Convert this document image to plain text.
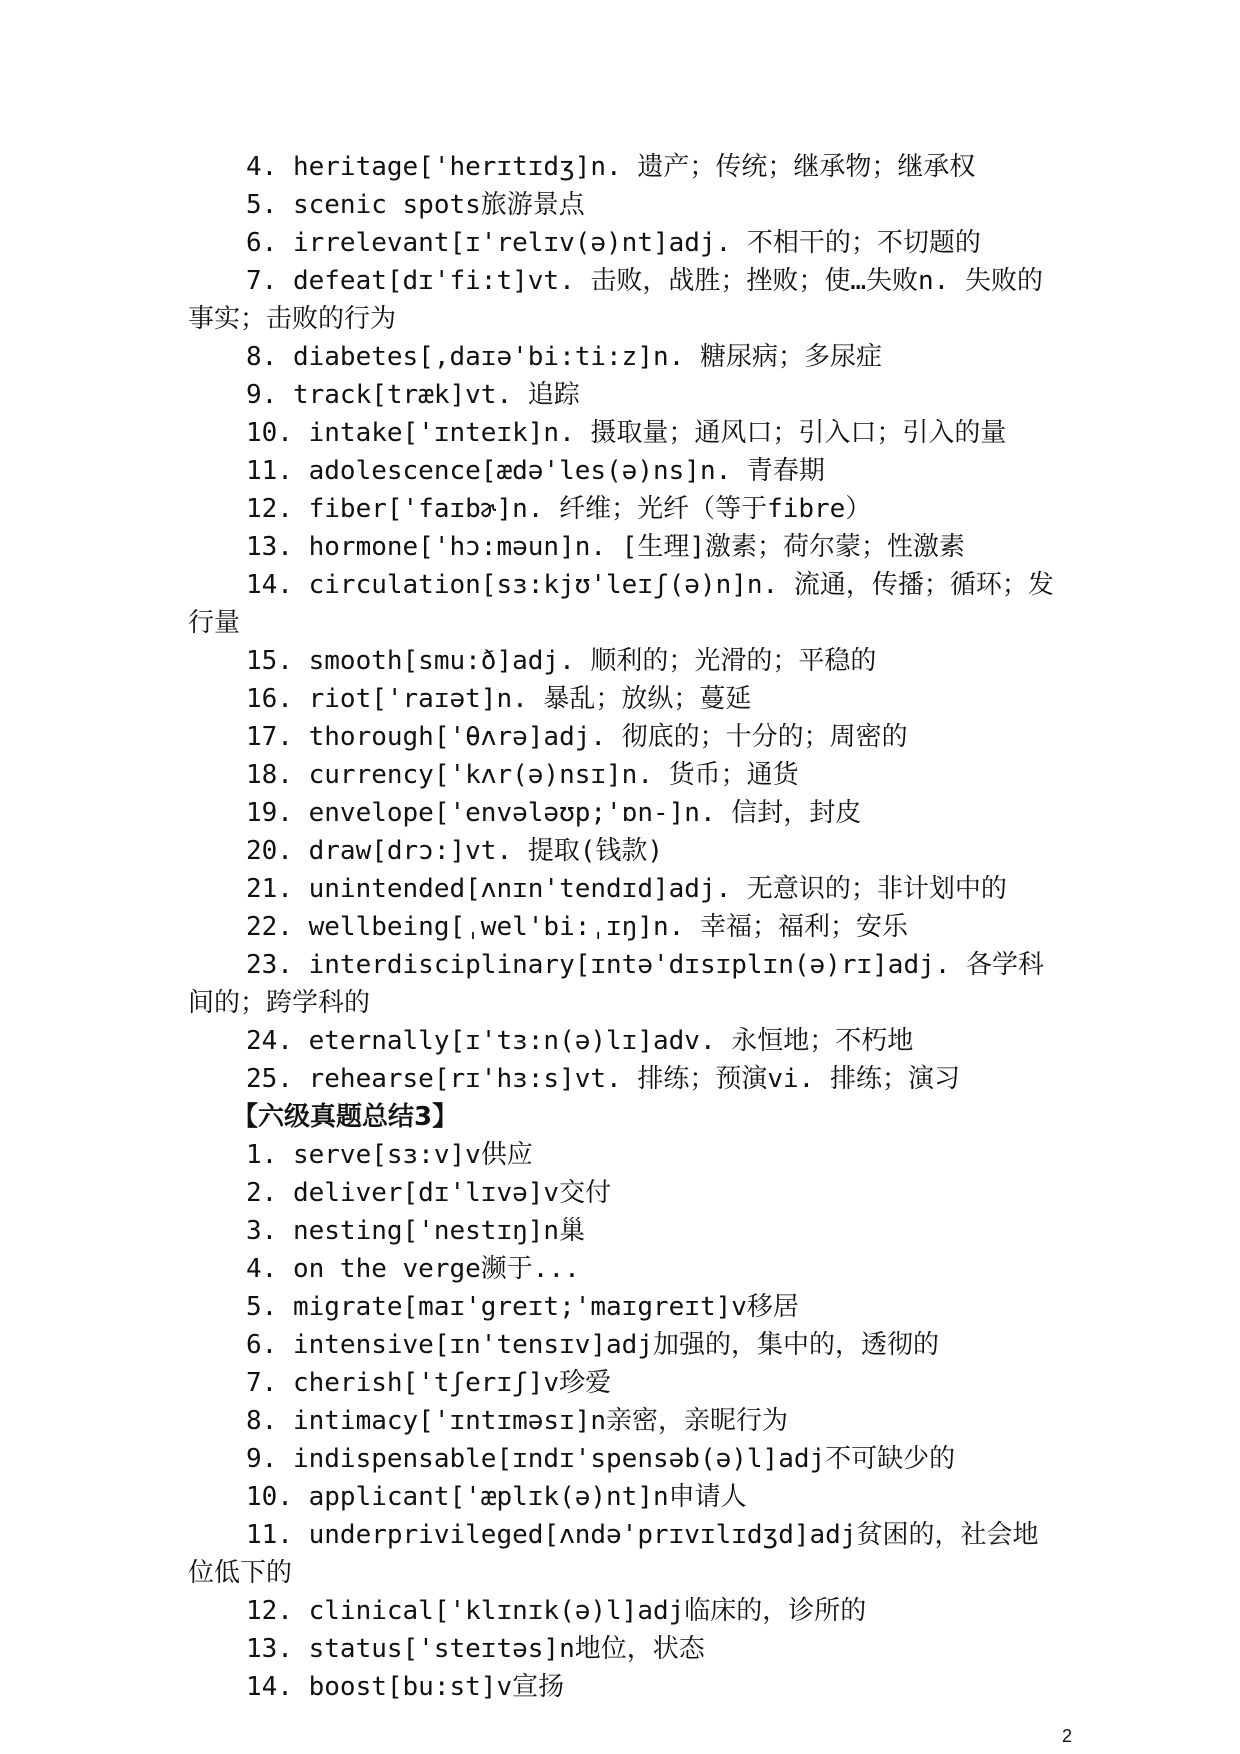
4. heritage['herɪtɪdʒ]n. 遗产；传统；继承物；继承权

5. scenic spots旅游景点

6. irrelevant[ɪ'relɪv(ə)nt]adj. 不相干的；不切题的

7. defeat[dɪ'fi:t]vt. 击败，战胜；挫败；使…失败n. 失败的事实；击败的行为

8. diabetes[,daɪə'bi:ti:z]n. 糖尿病；多尿症

9. track[træk]vt. 追踪

10. intake['ɪnteɪk]n. 摄取量；通风口；引入口；引入的量

11. adolescence[ædə'les(ə)ns]n. 青春期

12. fiber['faɪbɚ]n. 纤维；光纤（等于fibre）

13. hormone['hɔ:məun]n. [生理]激素；荷尔蒙；性激素

14. circulation[sɜ:kjʊ'leɪʃ(ə)n]n. 流通，传播；循环；发行量

15. smooth[smu:ð]adj. 顺利的；光滑的；平稳的

16. riot['raɪət]n. 暴乱；放纵；蔓延

17. thorough['θʌrə]adj. 彻底的；十分的；周密的

18. currency['kʌr(ə)nsɪ]n. 货币；通货

19. envelope['envələʊp;'ɒn-]n. 信封，封皮

20. draw[drɔ:]vt. 提取(钱款)

21. unintended[ʌnɪn'tendɪd]adj. 无意识的；非计划中的

22. wellbeing[ˌwel'bi:ˌɪŋ]n. 幸福；福利；安乐

23. interdisciplinary[ɪntə'dɪsɪplɪn(ə)rɪ]adj. 各学科间的；跨学科的

24. eternally[ɪ'tɜ:n(ə)lɪ]adv. 永恒地；不朽地

25. rehearse[rɪ'hɜ:s]vt. 排练；预演vi. 排练；演习

【六级真题总结3】

1. serve[sɜ:v]v供应

2. deliver[dɪ'lɪvə]v交付

3. nesting['nestɪŋ]n巢

4. on the verge濒于...

5. migrate[maɪ'greɪt;'maɪgreɪt]v移居

6. intensive[ɪn'tensɪv]adj加强的，集中的，透彻的

7. cherish['tʃerɪʃ]v珍爱

8. intimacy['ɪntɪməsɪ]n亲密，亲昵行为

9. indispensable[ɪndɪ'spensəb(ə)l]adj不可缺少的

10. applicant['æplɪk(ə)nt]n申请人

11. underprivileged[ʌndə'prɪvɪlɪdʒd]adj贫困的，社会地位低下的

12. clinical['klɪnɪk(ə)l]adj临床的，诊所的

13. status['steɪtəs]n地位，状态

14. boost[bu:st]v宣扬

2
